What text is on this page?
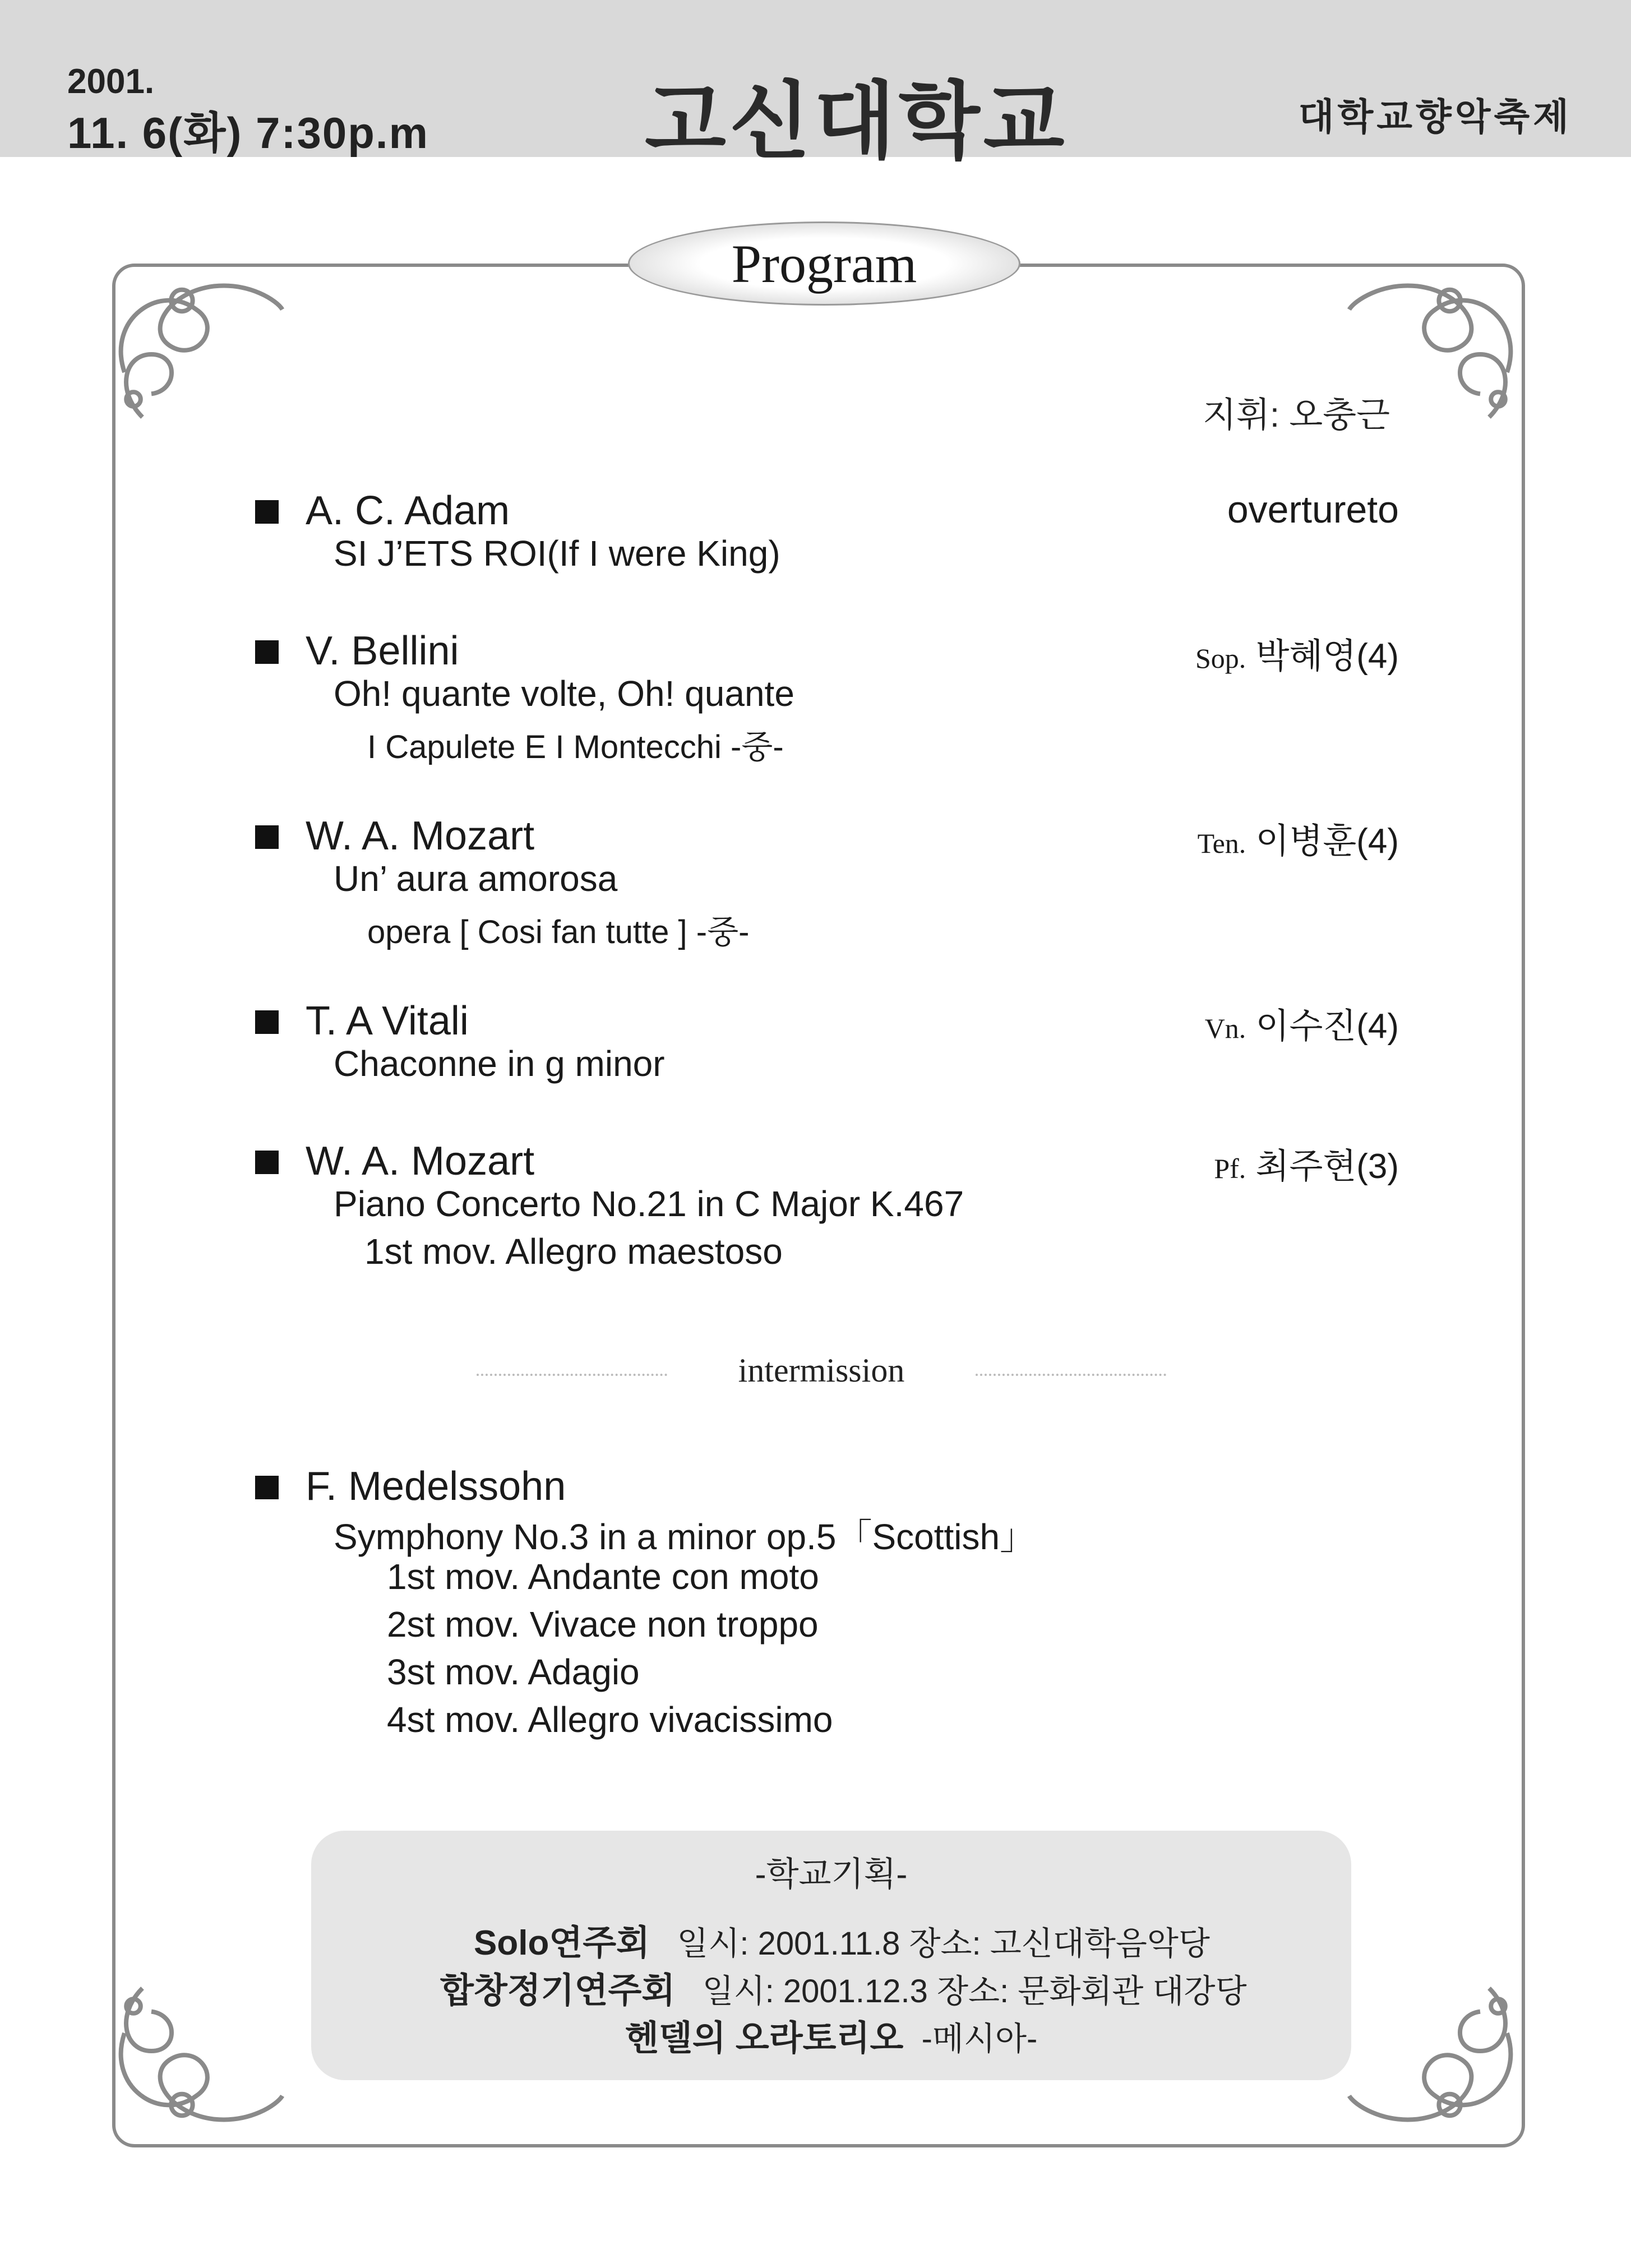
2001.
11. 6(화) 7:30p.m	고신대학교	대학교향악축제
Program
지휘: 오충근
A. C. Adam
SI J’ETS ROI(If I were King)
overtureto
V. Bellini
Oh! quante volte, Oh! quante
I Capulete E I Montecchi -중-
Sop. 박혜영(4)
W. A. Mozart
Un’ aura amorosa
opera [ Cosi fan tutte ] -중-
Ten. 이병훈(4)
T. A Vitali
Chaconne in g minor
Vn. 이수진(4)
W. A. Mozart
Piano Concerto No.21 in C Major K.467
1st mov. Allegro maestoso
Pf. 최주현(3)
intermission
F. Medelssohn
Symphony No.3 in a minor op.5「Scottish」
1st mov. Andante con moto
2st mov. Vivace non troppo
3st mov. Adagio
4st mov. Allegro vivacissimo
-학교기획-
Solo연주회 일시: 2001.11.8 장소: 고신대학음악당
합창정기연주회 일시: 2001.12.3 장소: 문화회관 대강당
헨델의 오라토리오 -메시아-
